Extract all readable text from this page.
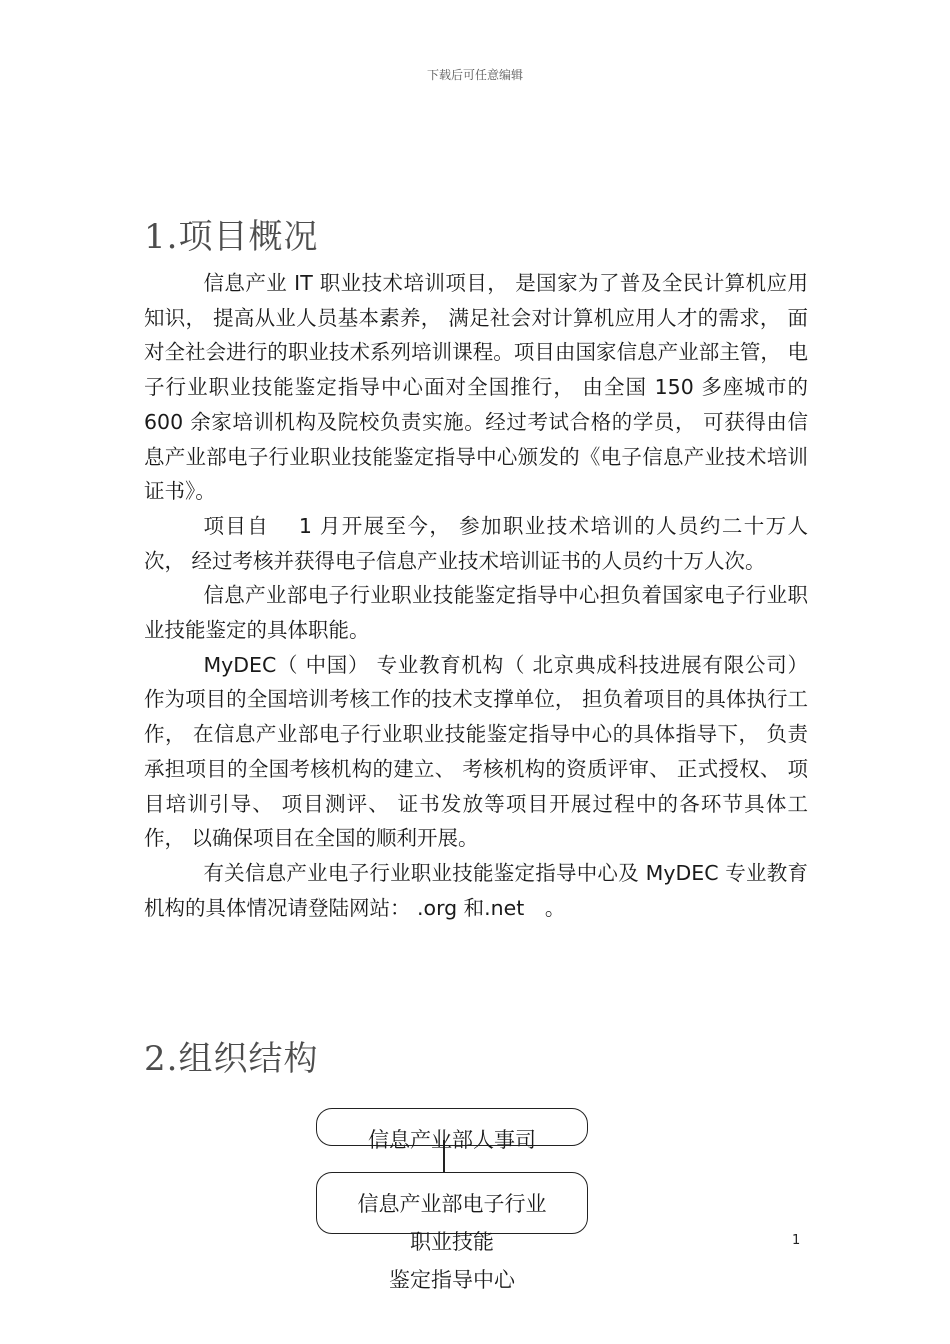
下载后可任意编辑
1.项目概况

信息产业 IT 职业技术培训项目， 是国家为了普及全民计算机应用知识， 提高从业人员基本素养， 满足社会对计算机应用人才的需求， 面对全社会进行的职业技术系列培训课程。项目由国家信息产业部主管， 电子行业职业技能鉴定指导中心面对全国推行， 由全国 150 多座城市的 600 余家培训机构及院校负责实施。经过考试合格的学员， 可获得由信息产业部电子行业职业技能鉴定指导中心颁发的《电子信息产业技术培训证书》。

项目自　 1 月开展至今， 参加职业技术培训的人员约二十万人次， 经过考核并获得电子信息产业技术培训证书的人员约十万人次。

信息产业部电子行业职业技能鉴定指导中心担负着国家电子行业职业技能鉴定的具体职能。

MyDEC（ 中国） 专业教育机构（ 北京典成科技进展有限公司） 作为项目的全国培训考核工作的技术支撑单位， 担负着项目的具体执行工作， 在信息产业部电子行业职业技能鉴定指导中心的具体指导下， 负责承担项目的全国考核机构的建立、 考核机构的资质评审、 正式授权、 项目培训引导、 项目测评、 证书发放等项目开展过程中的各环节具体工作， 以确保项目在全国的顺利开展。

有关信息产业电子行业职业技能鉴定指导中心及 MyDEC 专业教育机构的具体情况请登陆网站： .org 和.net　。

2.组织结构
信息产业部人事司
信息产业部电子行业
职业技能
鉴定指导中心
1
